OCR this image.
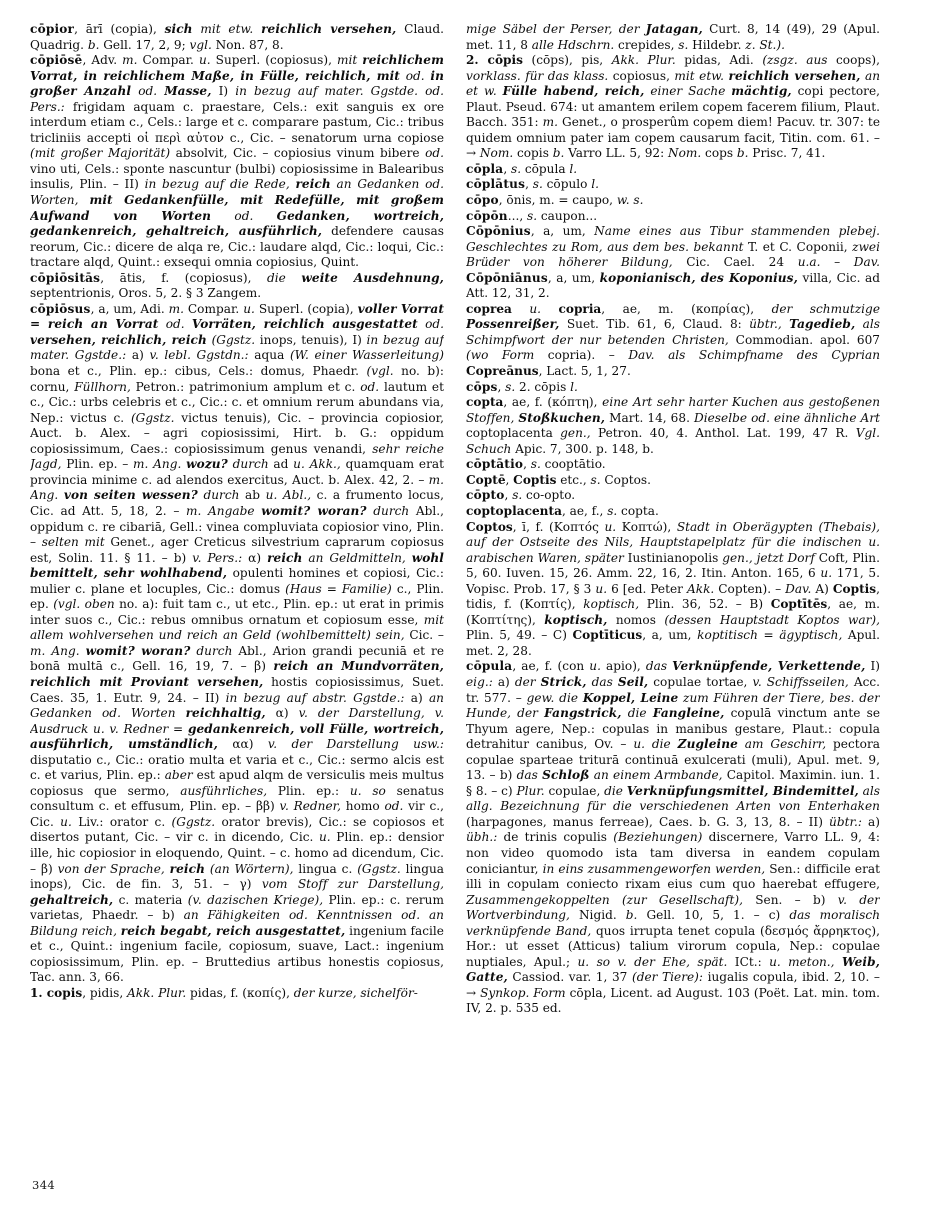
cōpior, ārī (copia), sich mit etw. reichlich versehen, Claud. Quadrig. b. Gell. 17, 2, 9; vgl. Non. 87, 8.

cōpiōsē, Adv. m. Compar. u. Superl. (copiosus), mit reichlichem Vorrat, in reichlichem Maße, in Fülle, reichlich, mit od. in großer Anzahl od. Masse, I) in bezug auf mater. Ggstde. od. Pers.: frigidam aquam c. praestare, Cels.: exit sanguis ex ore interdum etiam c., Cels.: large et c. comparare pastum, Cic.: tribus tricliniis accepti οἱ περὶ αὐτον c., Cic. – senatorum urna copiose (mit großer Majorität) absolvit, Cic. – copiosius vinum bibere od. vino uti, Cels.: sponte nascuntur (bulbi) copiosissime in Balearibus insulis, Plin. – II) in bezug auf die Rede, reich an Gedanken od. Worten, mit Gedankenfülle, mit Redefülle, mit großem Aufwand von Worten od. Gedanken, wortreich, gedankenreich, gehaltreich, ausführlich, defendere causas reorum, Cic.: dicere de alqa re, Cic.: laudare alqd, Cic.: loqui, Cic.: tractare alqd, Quint.: exsequi omnia copiosius, Quint.

cōpiōsitās, ātis, f. (copiosus), die weite Ausdehnung, septentrionis, Oros. 5, 2. § 3 Zangem.

cōpiōsus, a, um, Adi. m. Compar. u. Superl. (copia), voller Vorrat = reich an Vorrat od. Vorräten, reichlich ausgestattet od. versehen, reichlich, reich (Ggstz. inops, tenuis), I) in bezug auf mater. Ggstde.: a) v. lebl. Ggstdn.: aqua (W. einer Wasserleitung) bona et c., Plin. ep.: cibus, Cels.: domus, Phaedr. (vgl. no. b): cornu, Füllhorn, Petron.: patrimonium amplum et c. od. lautum et c., Cic.: urbs celebris et c., Cic.: c. et omnium rerum abundans via, Nep.: victus c. (Ggstz. victus tenuis), Cic. – provincia copiosior, Auct. b. Alex. – agri copiosissimi, Hirt. b. G.: oppidum copiosissimum, Caes.: copiosissimum genus venandi, sehr reiche Jagd, Plin. ep. – m. Ang. wozu? durch ad u. Akk., quamquam erat provincia minime c. ad alendos exercitus, Auct. b. Alex. 42, 2. – m. Ang. von seiten wessen? durch ab u. Abl., c. a frumento locus, Cic. ad Att. 5, 18, 2. – m. Angabe womit? woran? durch Abl., oppidum c. re cibariā, Gell.: vinea compluviata copiosior vino, Plin. – selten mit Genet., ager Creticus silvestrium caprarum copiosus est, Solin. 11. § 11. – b) v. Pers.: α) reich an Geldmitteln, wohl bemittelt, sehr wohlhabend, opulenti homines et copiosi, Cic.: mulier c. plane et locuples, Cic.: domus (Haus = Familie) c., Plin. ep. (vgl. oben no. a): fuit tam c., ut etc., Plin. ep.: ut erat in primis inter suos c., Cic.: rebus omnibus ornatum et copiosum esse, mit allem wohlversehen und reich an Geld (wohlbemittelt) sein, Cic. – m. Ang. womit? woran? durch Abl., Arion grandi pecuniā et re bonā multā c., Gell. 16, 19, 7. – β) reich an Mundvorräten, reichlich mit Proviant versehen, hostis copiosissimus, Suet. Caes. 35, 1. Eutr. 9, 24. – II) in bezug auf abstr. Ggstde.: a) an Gedanken od. Worten reichhaltig, α) v. der Darstellung, v. Ausdruck u. v. Redner = gedankenreich, voll Fülle, wortreich, ausführlich, umständlich, αα) v. der Darstellung usw.: disputatio c., Cic.: oratio multa et varia et c., Cic.: sermo alcis est c. et varius, Plin. ep.: aber est apud alqm de versiculis meis multus copiosus que sermo, ausführliches, Plin. ep.: u. so senatus consultum c. et effusum, Plin. ep. – ββ) v. Redner, homo od. vir c., Cic. u. Liv.: orator c. (Ggstz. orator brevis), Cic.: se copiosos et disertos putant, Cic. – vir c. in dicendo, Cic. u. Plin. ep.: densior ille, hic copiosior in eloquendo, Quint. – c. homo ad dicendum, Cic. – β) von der Sprache, reich (an Wörtern), lingua c. (Ggstz. lingua inops), Cic. de fin. 3, 51. – γ) vom Stoff zur Darstellung, gehaltreich, c. materia (v. dazischen Kriege), Plin. ep.: c. rerum varietas, Phaedr. – b) an Fähigkeiten od. Kenntnissen od. an Bildung reich, reich begabt, reich ausgestattet, ingenium facile et c., Quint.: ingenium facile, copiosum, suave, Lact.: ingenium copiosissimum, Plin. ep. – Bruttedius artibus honestis copiosus, Tac. ann. 3, 66.

1. copis, pidis, Akk. Plur. pidas, f. (κοπίς), der kurze, sichelför-

mige Säbel der Perser, der Jatagan, Curt. 8, 14 (49), 29 (Apul. met. 11, 8 alle Hdschrn. crepides, s. Hildebr. z. St.).

2. cōpis (cōps), pis, Akk. Plur. pidas, Adi. (zsgz. aus coops), vorklass. für das klass. copiosus, mit etw. reichlich versehen, an et w. Fülle habend, reich, einer Sache mächtig, copi pectore, Plaut. Pseud. 674: ut amantem erilem copem facerem filium, Plaut. Bacch. 351: m. Genet., o prosperûm copem diem! Pacuv. tr. 307: te quidem omnium pater iam copem causarum facit, Titin. com. 61. – → Nom. copis b. Varro LL. 5, 92: Nom. cops b. Prisc. 7, 41.

cōpla, s. cōpula l.

cōplātus, s. cōpulo l.

cōpo, ōnis, m. = caupo, w. s.

cōpōn..., s. caupon...

Cōpōnius, a, um, Name eines aus Tibur stammenden plebej. Geschlechtes zu Rom, aus dem bes. bekannt T. et C. Coponii, zwei Brüder von höherer Bildung, Cic. Cael. 24 u.a. – Dav. Cōpōniānus, a, um, koponianisch, des Koponius, villa, Cic. ad Att. 12, 31, 2.

coprea u. copria, ae, m. (κοπρίας), der schmutzige Possenreißer, Suet. Tib. 61, 6, Claud. 8: übtr., Tagedieb, als Schimpfwort der nur betenden Christen, Commodian. apol. 607 (wo Form copria). – Dav. als Schimpfname des Cyprian Copreānus, Lact. 5, 1, 27.

cōps, s. 2. cōpis l.

copta, ae, f. (κόπτη), eine Art sehr harter Kuchen aus gestoßenen Stoffen, Stoßkuchen, Mart. 14, 68. Dieselbe od. eine ähnliche Art coptoplacenta gen., Petron. 40, 4. Anthol. Lat. 199, 47 R. Vgl. Schuch Apic. 7, 300. p. 148, b.

cōptātio, s. cooptātio.

Coptē, Coptis etc., s. Coptos.

cōpto, s. co-opto.

coptoplacenta, ae, f., s. copta.

Coptos, ī, f. (Κοπτός u. Κοπτώ), Stadt in Oberägypten (Thebais), auf der Ostseite des Nils, Hauptstapelplatz für die indischen u. arabischen Waren, später Iustinianopolis gen., jetzt Dorf Coft, Plin. 5, 60. Iuven. 15, 26. Amm. 22, 16, 2. Itin. Anton. 165, 6 u. 171, 5. Vopisc. Prob. 17, § 3 u. 6 [ed. Peter Akk. Copten). – Dav. A) Coptis, tidis, f. (Κοπτίς), koptisch, Plin. 36, 52. – B) Coptītēs, ae, m. (Κοπτίτης), koptisch, nomos (dessen Hauptstadt Koptos war), Plin. 5, 49. – C) Coptīticus, a, um, koptitisch = ägyptisch, Apul. met. 2, 28.

cōpula, ae, f. (con u. apio), das Verknüpfende, Verkettende, I) eig.: a) der Strick, das Seil, copulae tortae, v. Schiffsseilen, Acc. tr. 577. – gew. die Koppel, Leine zum Führen der Tiere, bes. der Hunde, der Fangstrick, die Fangleine, copulā vinctum ante se Thyum agere, Nep.: copulas in manibus gestare, Plaut.: copula detrahitur canibus, Ov. – u. die Zugleine am Geschirr, pectora copulae sparteae triturā continuā exulcerati (muli), Apul. met. 9, 13. – b) das Schloß an einem Armbande, Capitol. Maximin. iun. 1. § 8. – c) Plur. copulae, die Verknüpfungsmittel, Bindemittel, als allg. Bezeichnung für die verschiedenen Arten von Enterhaken (harpagones, manus ferreae), Caes. b. G. 3, 13, 8. – II) übtr.: a) übh.: de trinis copulis (Beziehungen) discernere, Varro LL. 9, 4: non video quomodo ista tam diversa in eandem copulam coniciantur, in eins zusammengeworfen werden, Sen.: difficile erat illi in copulam coniecto rixam eius cum quo haerebat effugere, Zusammengekoppelten (zur Gesellschaft), Sen. – b) v. der Wortverbindung, Nigid. b. Gell. 10, 5, 1. – c) das moralisch verknüpfende Band, quos irrupta tenet copula (δεσμός ἄρρηκτος), Hor.: ut esset (Atticus) talium virorum copula, Nep.: copulae nuptiales, Apul.; u. so v. der Ehe, spät. ICt.: u. meton., Weib, Gatte, Cassiod. var. 1, 37 (der Tiere): iugalis copula, ibid. 2, 10. – → Synkop. Form cōpla, Licent. ad August. 103 (Poët. Lat. min. tom. IV, 2. p. 535 ed.

344
